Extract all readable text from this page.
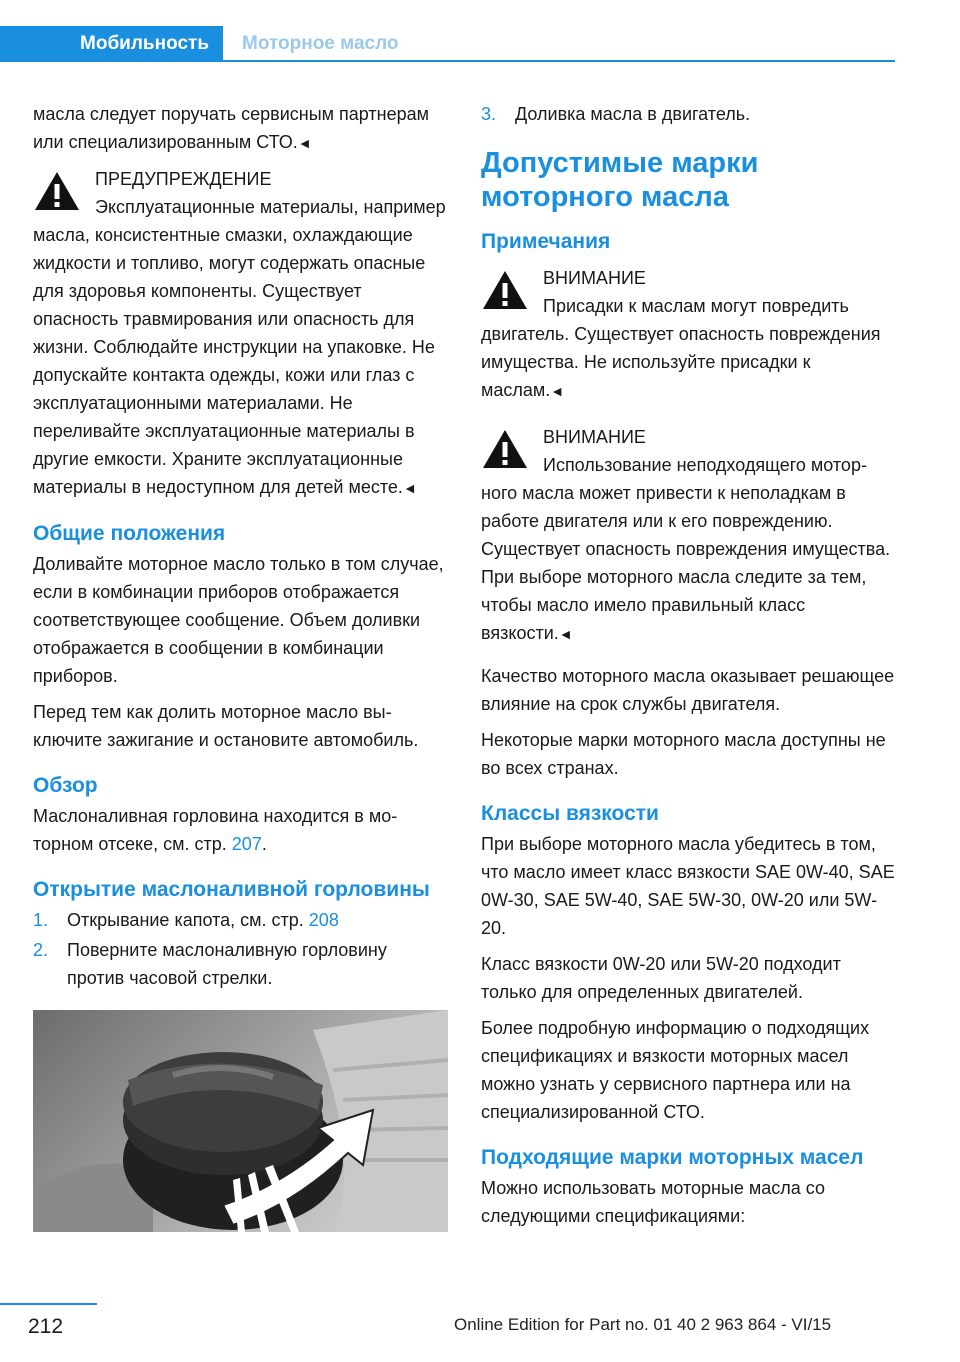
Мобильность	Моторное масло

масла следует поручать сервисным партнерам или специализированным СТО.◄

ПРЕДУПРЕЖДЕНИЕ
Эксплуатационные материалы, например масла, консистентные смазки, охлаждающие жидкости и топливо, могут содержать опасные для здоровья компоненты. Существует опасность травмирования или опасность для жизни. Соблюдайте инструкции на упаковке. Не допускайте контакта одежды, кожи или глаз с эксплуатационными материалами. Не переливайте эксплуатационные материалы в другие емкости. Храните эксплуатационные материалы в недоступном для детей месте.◄
Общие положения

Доливайте моторное масло только в том случае, если в комбинации приборов отображается соответствующее сообщение. Объем доливки отображается в сообщении в комбинации приборов.

Перед тем как долить моторное масло выключите зажигание и остановите автомобиль.

Обзор

Маслоналивная горловина находится в моторном отсеке, см. стр. 207.

Открытие маслоналивной горловины
1. Открывание капота, см. стр. 208
2. Поверните маслоналивную горловину против часовой стрелки.
3. Доливка масла в двигатель.
Допустимые марки моторного масла
Примечания
ВНИМАНИЕ
Присадки к маслам могут повредить двигатель. Существует опасность повреждения имущества. Не используйте присадки к маслам.◄
ВНИМАНИЕ
Использование неподходящего моторного масла может привести к неполадкам в работе двигателя или к его повреждению. Существует опасность повреждения имущества. При выборе моторного масла следите за тем, чтобы масло имело правильный класс вязкости.◄

Качество моторного масла оказывает решающее влияние на срок службы двигателя.

Некоторые марки моторного масла доступны не во всех странах.

Классы вязкости

При выборе моторного масла убедитесь в том, что масло имеет класс вязкости SAE 0W-40, SAE 0W-30, SAE 5W-40, SAE 5W-30, 0W-20 или 5W-20.

Класс вязкости 0W-20 или 5W-20 подходит только для определенных двигателей.

Более подробную информацию о подходящих спецификациях и вязкости моторных масел можно узнать у сервисного партнера или на специализированной СТО.

Подходящие марки моторных масел

Можно использовать моторные масла со следующими спецификациями:

212	Online Edition for Part no. 01 40 2 963 864 - VI/15
